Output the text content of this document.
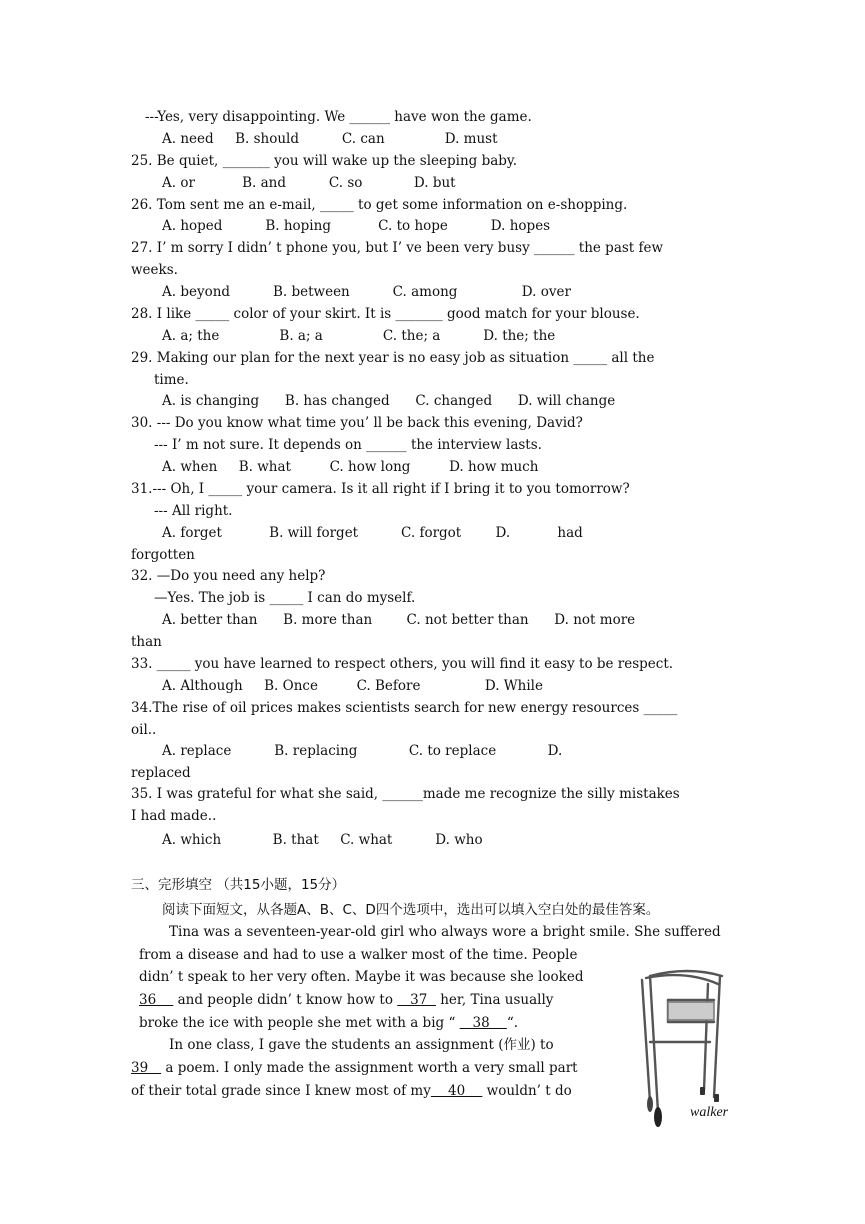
---Yes, very disappointing. We ______ have won the game.
A. need     B. should          C. can              D. must
25. Be quiet, _______ you will wake up the sleeping baby.
A. or           B. and          C. so            D. but
26. Tom sent me an e-mail, _____ to get some information on e-shopping.
A. hoped          B. hoping           C. to hope          D. hopes
27. I’ m sorry I didn’ t phone you, but I’ ve been very busy ______ the past few
weeks.
A. beyond          B. between          C. among               D. over
28. I like _____ color of your skirt. It is _______ good match for your blouse.
A. a; the              B. a; a              C. the; a          D. the; the
29. Making our plan for the next year is no easy job as situation _____ all the
time.
A. is changing      B. has changed      C. changed      D. will change
30. --- Do you know what time you’ ll be back this evening, David?
--- I’ m not sure. It depends on ______ the interview lasts.
A. when     B. what         C. how long         D. how much
31.--- Oh, I _____ your camera. Is it all right if I bring it to you tomorrow?
--- All right.
A. forget           B. will forget          C. forgot        D.           had
forgotten
32. —Do you need any help?
—Yes. The job is _____ I can do myself.
A. better than      B. more than        C. not better than      D. not more
than
33. _____ you have learned to respect others, you will find it easy to be respect.
A. Although     B. Once         C. Before               D. While
34.The rise of oil prices makes scientists search for new energy resources _____
oil..
A. replace          B. replacing            C. to replace            D.
replaced
35. I was grateful for what she said, ______made me recognize the silly mistakes
I had made..
A. which            B. that     C. what          D. who
三、完形填空 （共15小题，15分）
阅读下面短文，从各题A、B、C、D四个选项中，选出可以填入空白处的最佳答案。
Tina was a seventeen-year-old girl who always wore a bright smile. She suffered
from a disease and had to use a walker most of the time. People
didn’ t speak to her very often. Maybe it was because she looked
36     and people didn’ t know how to    37   her, Tina usually
broke the ice with people she met with a big “    38    “.
In one class, I gave the students an assignment (作业) to
39    a poem. I only made the assignment worth a very small part
of their total grade since I knew most of my    40     wouldn’ t do
walker
